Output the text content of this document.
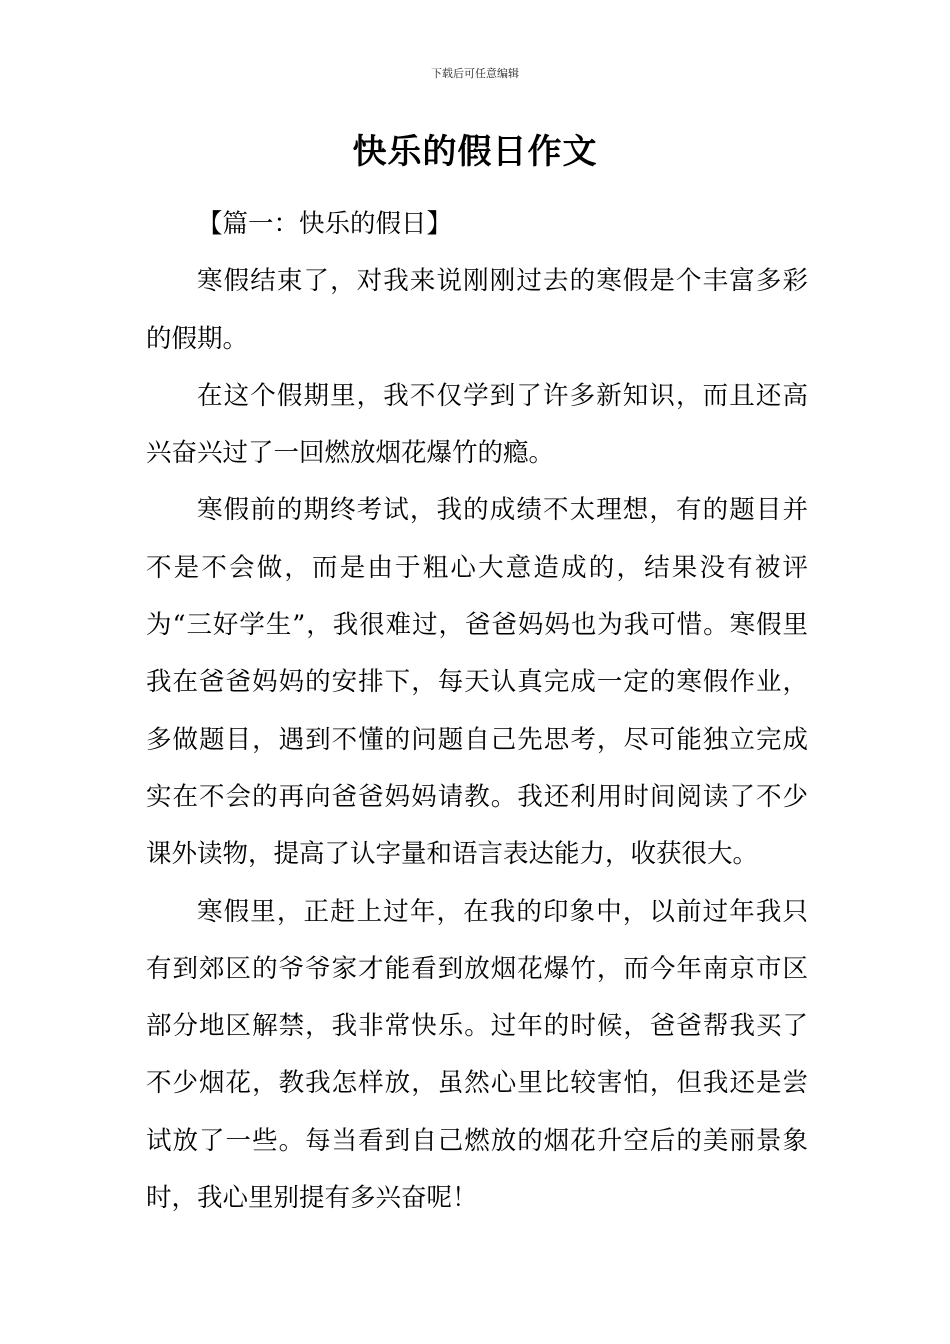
下载后可任意编辑
快乐的假日作文

【篇一：快乐的假日】

寒假结束了，对我来说刚刚过去的寒假是个丰富多彩的假期。

在这个假期里，我不仅学到了许多新知识，而且还高兴奋兴过了一回燃放烟花爆竹的瘾。

寒假前的期终考试，我的成绩不太理想，有的题目并不是不会做，而是由于粗心大意造成的，结果没有被评为“三好学生”，我很难过，爸爸妈妈也为我可惜。寒假里我在爸爸妈妈的安排下，每天认真完成一定的寒假作业，多做题目，遇到不懂的问题自己先思考，尽可能独立完成实在不会的再向爸爸妈妈请教。我还利用时间阅读了不少课外读物，提高了认字量和语言表达能力，收获很大。

寒假里，正赶上过年，在我的印象中，以前过年我只有到郊区的爷爷家才能看到放烟花爆竹，而今年南京市区部分地区解禁，我非常快乐。过年的时候，爸爸帮我买了不少烟花，教我怎样放，虽然心里比较害怕，但我还是尝试放了一些。每当看到自己燃放的烟花升空后的美丽景象时，我心里别提有多兴奋呢！
